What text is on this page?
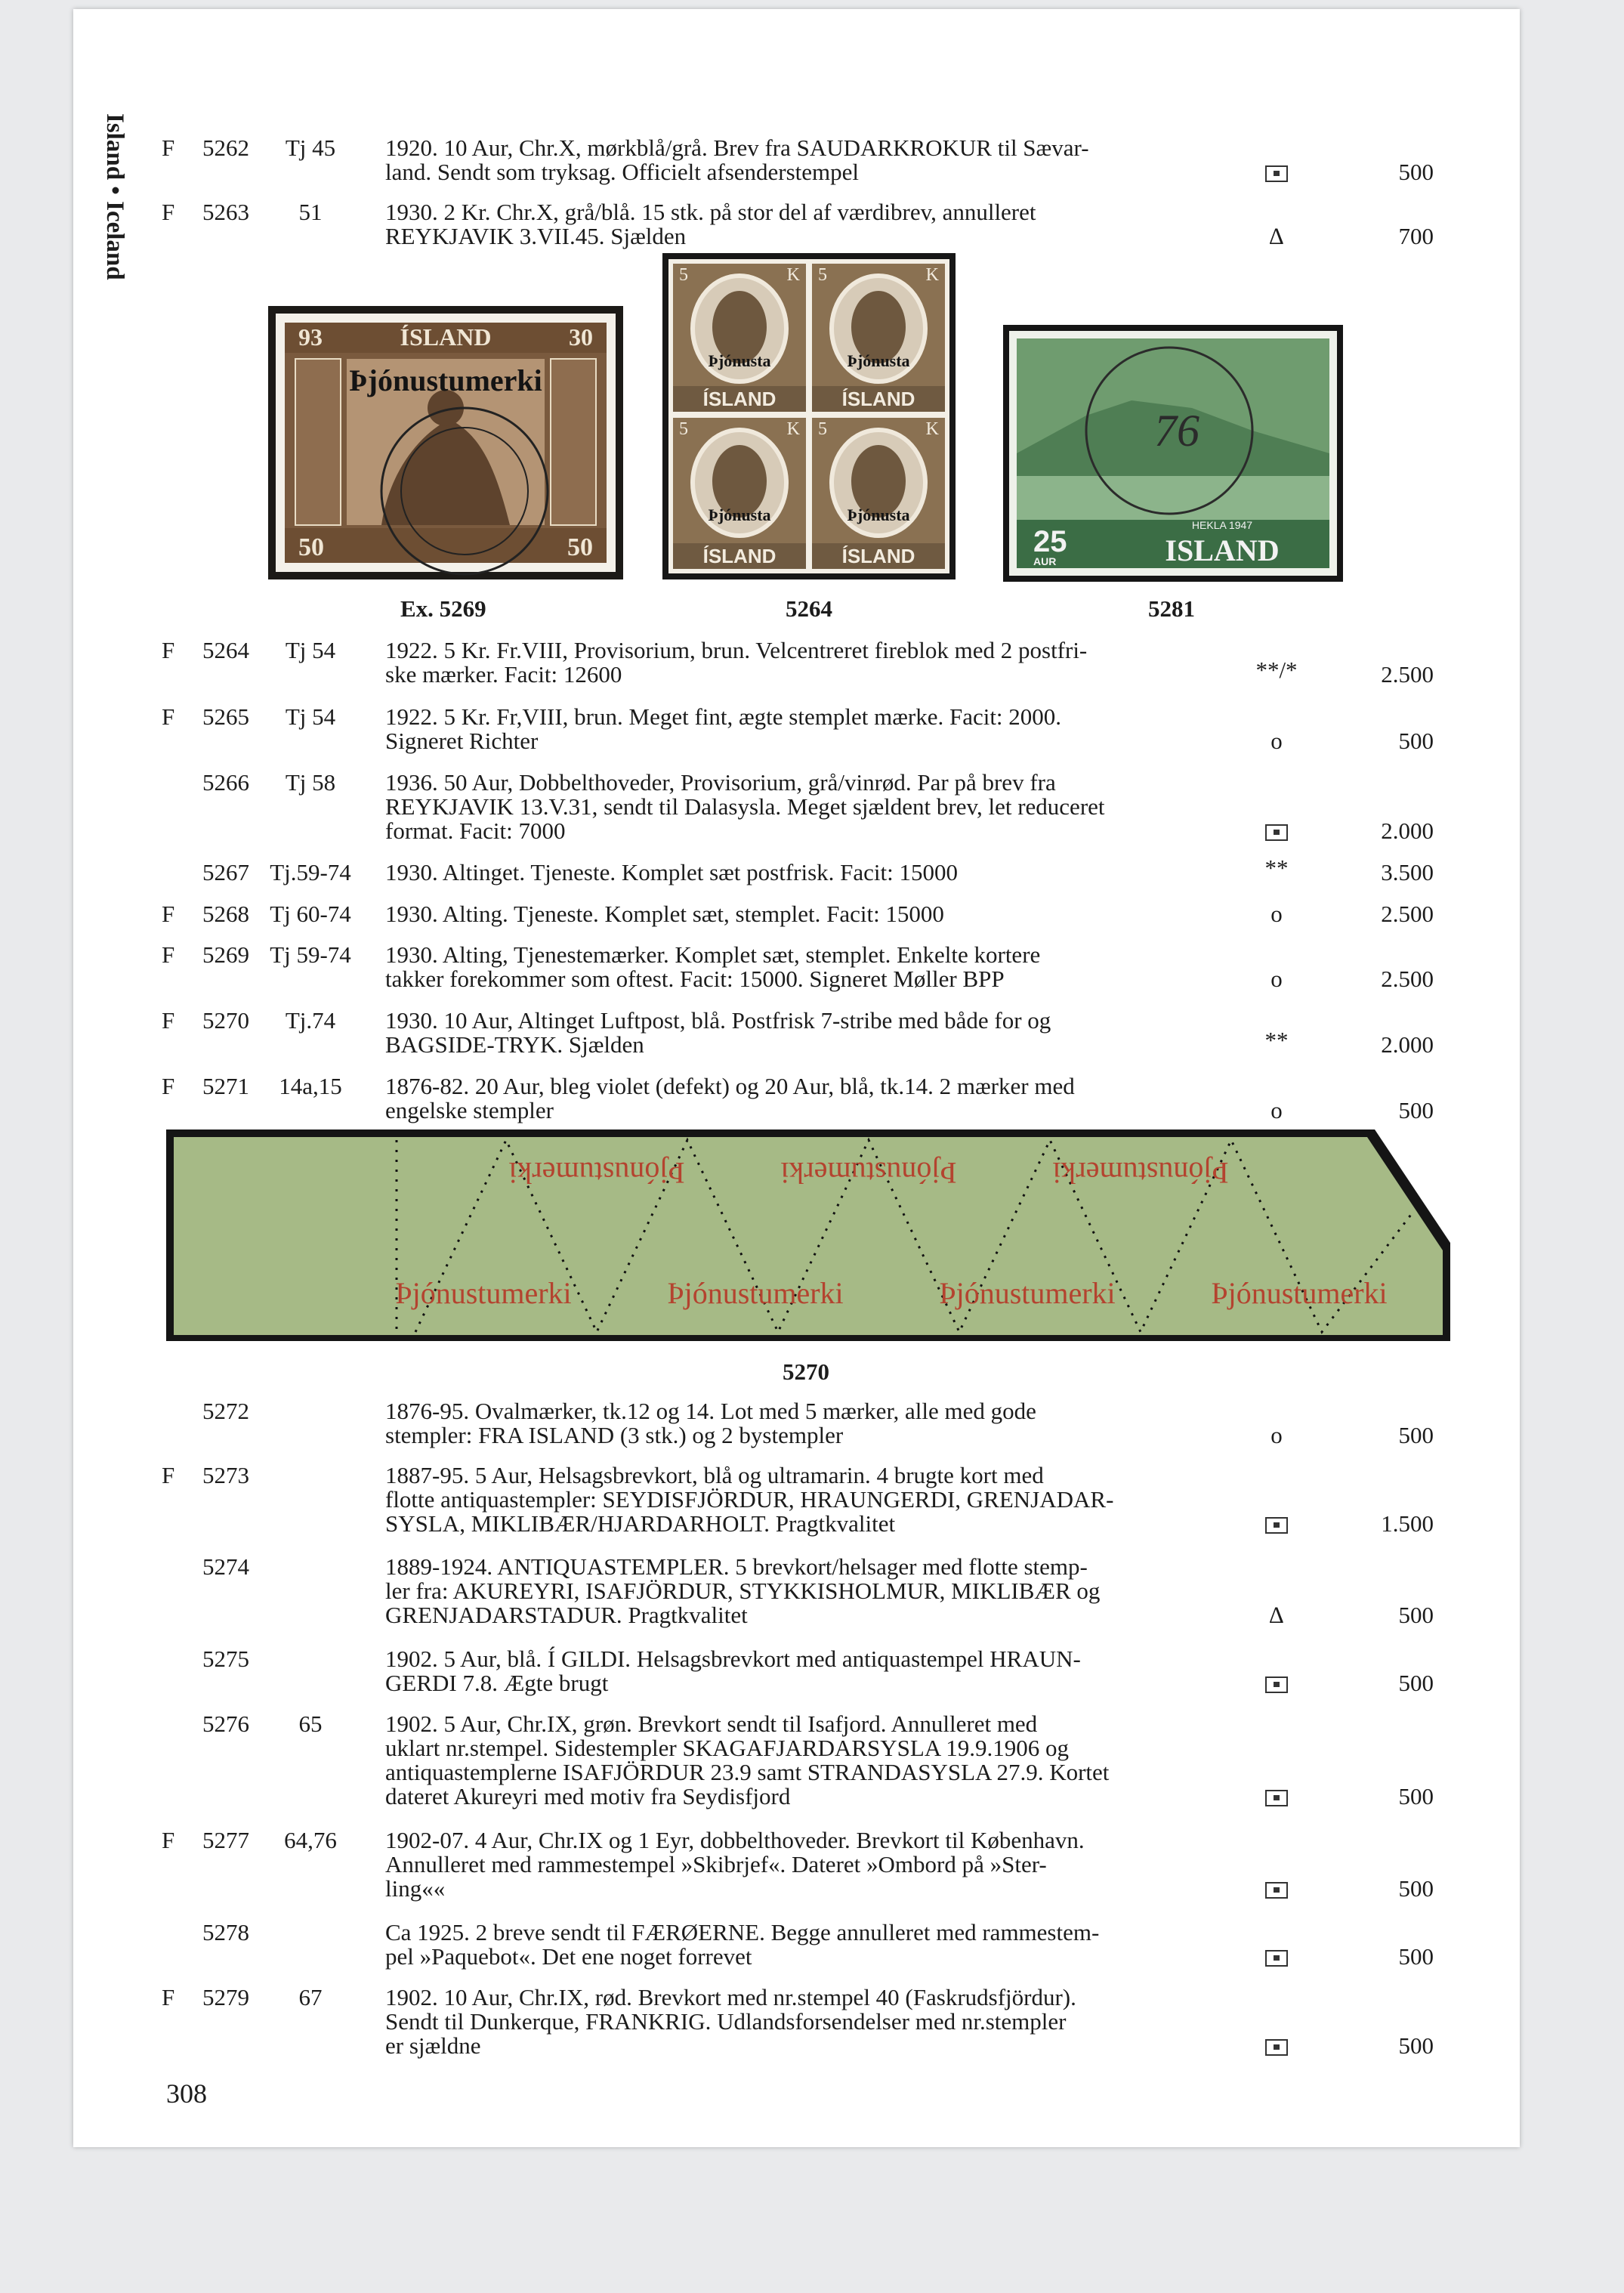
Island • Iceland F 5262	Tj 45	1920. 10 Aur, Chr.X, mørkblå/grå. Brev fra SAUDARKROKUR til Sævar-
land. Sendt som tryksag. Officielt afsenderstempel	500
F 5263	51	1930. 2 Kr. Chr.X, grå/blå. 15 stk. på stor del af værdibrev, annulleret
REYKJAVIK 3.VII.45. Sjælden	∆	700
93	ÍSLAND	30
Þjónustumerki
50	50
5	K
ÍSLAND
Þjónusta
5	K
ÍSLAND
Þjónusta
5	K
ÍSLAND
Þjónusta
5	K
ÍSLAND
Þjónusta
76
25
AUR
HEKLA 1947
ISLAND
Ex. 5269	5264	5281
F 5264	Tj 54	1922. 5 Kr. Fr.VIII, Provisorium, brun. Velcentreret fireblok med 2 postfri-
ske mærker. Facit: 12600	**/*	2.500
F 5265	Tj 54	1922. 5 Kr. Fr,VIII, brun. Meget fint, ægte stemplet mærke. Facit: 2000.
Signeret Richter	o	500
5266	Tj 58	1936. 50 Aur, Dobbelthoveder, Provisorium, grå/vinrød. Par på brev fra
REYKJAVIK 13.V.31, sendt til Dalasysla. Meget sjældent brev, let reduceret
format. Facit: 7000	2.000
5267 Tj.59-74 1930. Altinget. Tjeneste. Komplet sæt postfrisk. Facit: 15000	**	3.500
F 5268 Tj 60-74 1930. Alting. Tjeneste. Komplet sæt, stemplet. Facit: 15000	o	2.500
F 5269 Tj 59-74 1930. Alting, Tjenestemærker. Komplet sæt, stemplet. Enkelte kortere
takker forekommer som oftest. Facit: 15000. Signeret Møller BPP	o	2.500
F 5270	Tj.74	1930. 10 Aur, Altinget Luftpost, blå. Postfrisk 7-stribe med både for og
BAGSIDE-TRYK. Sjælden	**	2.000
F 5271	14a,15	1876-82. 20 Aur, bleg violet (defekt) og 20 Aur, blå, tk.14. 2 mærker med
engelske stempler	o	500
Þjónustumerki	Þjónustumerki	Þjónustumerki
Þjónustumerki	Þjónustumerki	Þjónustumerki	Þjónustumerki
5270
5272	1876-95. Ovalmærker, tk.12 og 14. Lot med 5 mærker, alle med gode
stempler: FRA ISLAND (3 stk.) og 2 bystempler	o	500
F 5273	1887-95. 5 Aur, Helsagsbrevkort, blå og ultramarin. 4 brugte kort med
flotte antiquastempler: SEYDISFJÖRDUR, HRAUNGERDI, GRENJADAR-
SYSLA, MIKLIBÆR/HJARDARHOLT. Pragtkvalitet	1.500
5274	1889-1924. ANTIQUASTEMPLER. 5 brevkort/helsager med flotte stemp-
ler fra: AKUREYRI, ISAFJÖRDUR, STYKKISHOLMUR, MIKLIBÆR og
GRENJADARSTADUR. Pragtkvalitet	∆	500
5275	1902. 5 Aur, blå. Í GILDI. Helsagsbrevkort med antiquastempel HRAUN-
GERDI 7.8. Ægte brugt	500
5276	65	1902. 5 Aur, Chr.IX, grøn. Brevkort sendt til Isafjord. Annulleret med
uklart nr.stempel. Sidestempler SKAGAFJARDARSYSLA 19.9.1906 og
antiquastemplerne ISAFJÖRDUR 23.9 samt STRANDASYSLA 27.9. Kortet
dateret Akureyri med motiv fra Seydisfjord	500
F 5277	64,76	1902-07. 4 Aur, Chr.IX og 1 Eyr, dobbelthoveder. Brevkort til København.
Annulleret med rammestempel »Skibrjef«. Dateret »Ombord på »Ster-
ling««	500
5278	Ca 1925. 2 breve sendt til FÆRØERNE. Begge annulleret med rammestem-
pel »Paquebot«. Det ene noget forrevet	500
F 5279	67	1902. 10 Aur, Chr.IX, rød. Brevkort med nr.stempel 40 (Faskrudsfjördur).
Sendt til Dunkerque, FRANKRIG. Udlandsforsendelser med nr.stempler
er sjældne	500
308
